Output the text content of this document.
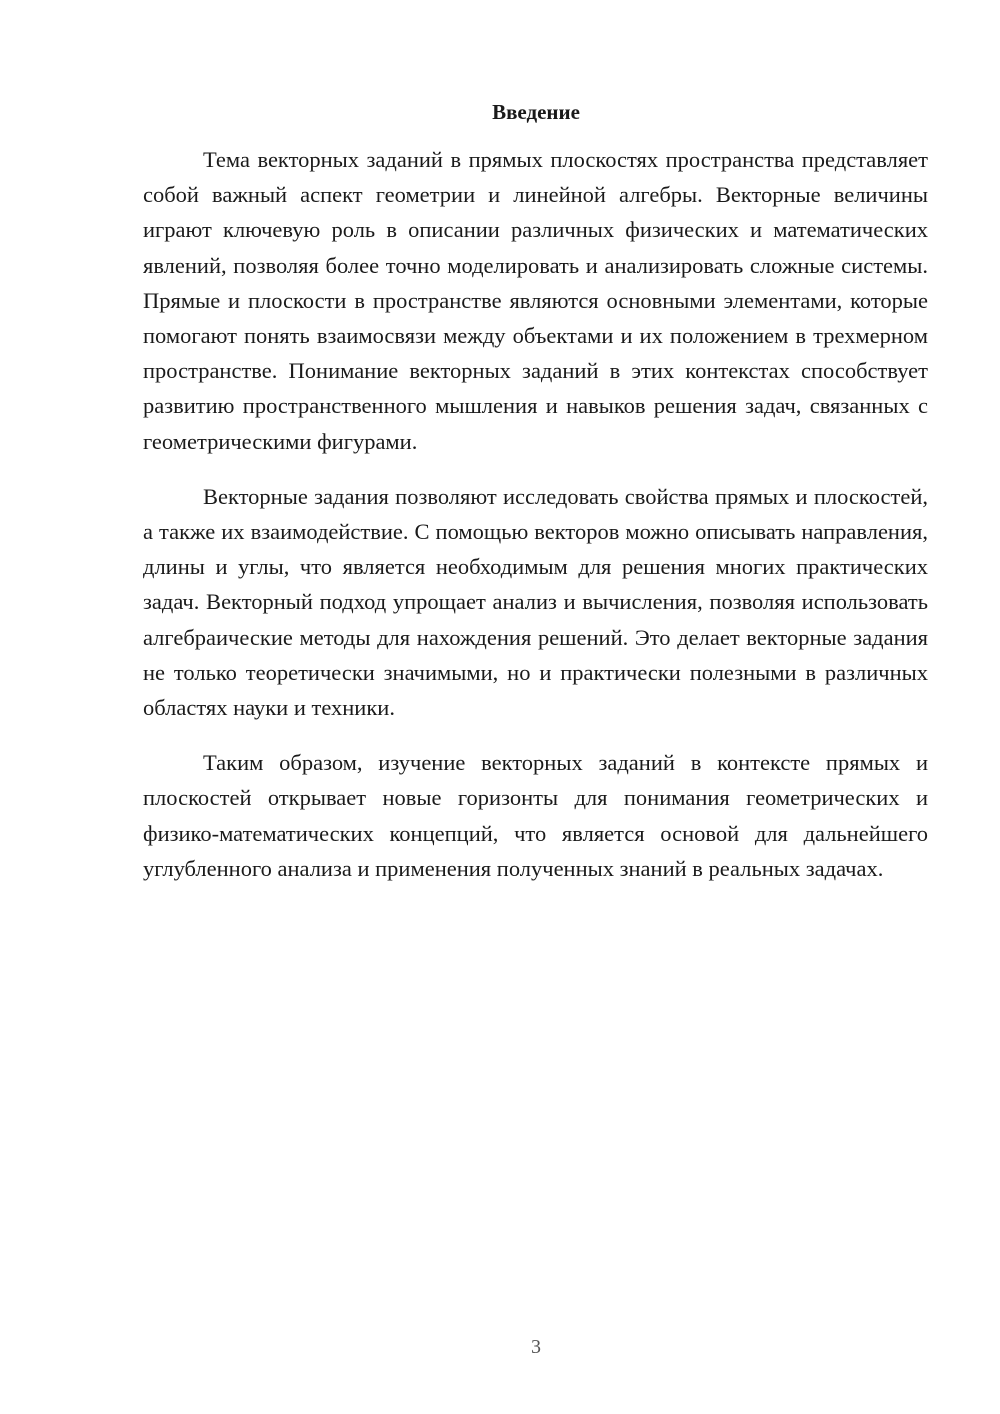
Введение

Тема векторных заданий в прямых плоскостях пространства представляет собой важный аспект геометрии и линейной алгебры. Векторные величины играют ключевую роль в описании различных физических и математических явлений, позволяя более точно моделировать и анализировать сложные системы. Прямые и плоскости в пространстве являются основными элементами, которые помогают понять взаимосвязи между объектами и их положением в трехмерном пространстве. Понимание векторных заданий в этих контекстах способствует развитию пространственного мышления и навыков решения задач, связанных с геометрическими фигурами.

Векторные задания позволяют исследовать свойства прямых и плоскостей, а также их взаимодействие. С помощью векторов можно описывать направления, длины и углы, что является необходимым для решения многих практических задач. Векторный подход упрощает анализ и вычисления, позволяя использовать алгебраические методы для нахождения решений. Это делает векторные задания не только теоретически значимыми, но и практически полезными в различных областях науки и техники.

Таким образом, изучение векторных заданий в контексте прямых и плоскостей открывает новые горизонты для понимания геометрических и физико-математических концепций, что является основой для дальнейшего углубленного анализа и применения полученных знаний в реальных задачах.

3
